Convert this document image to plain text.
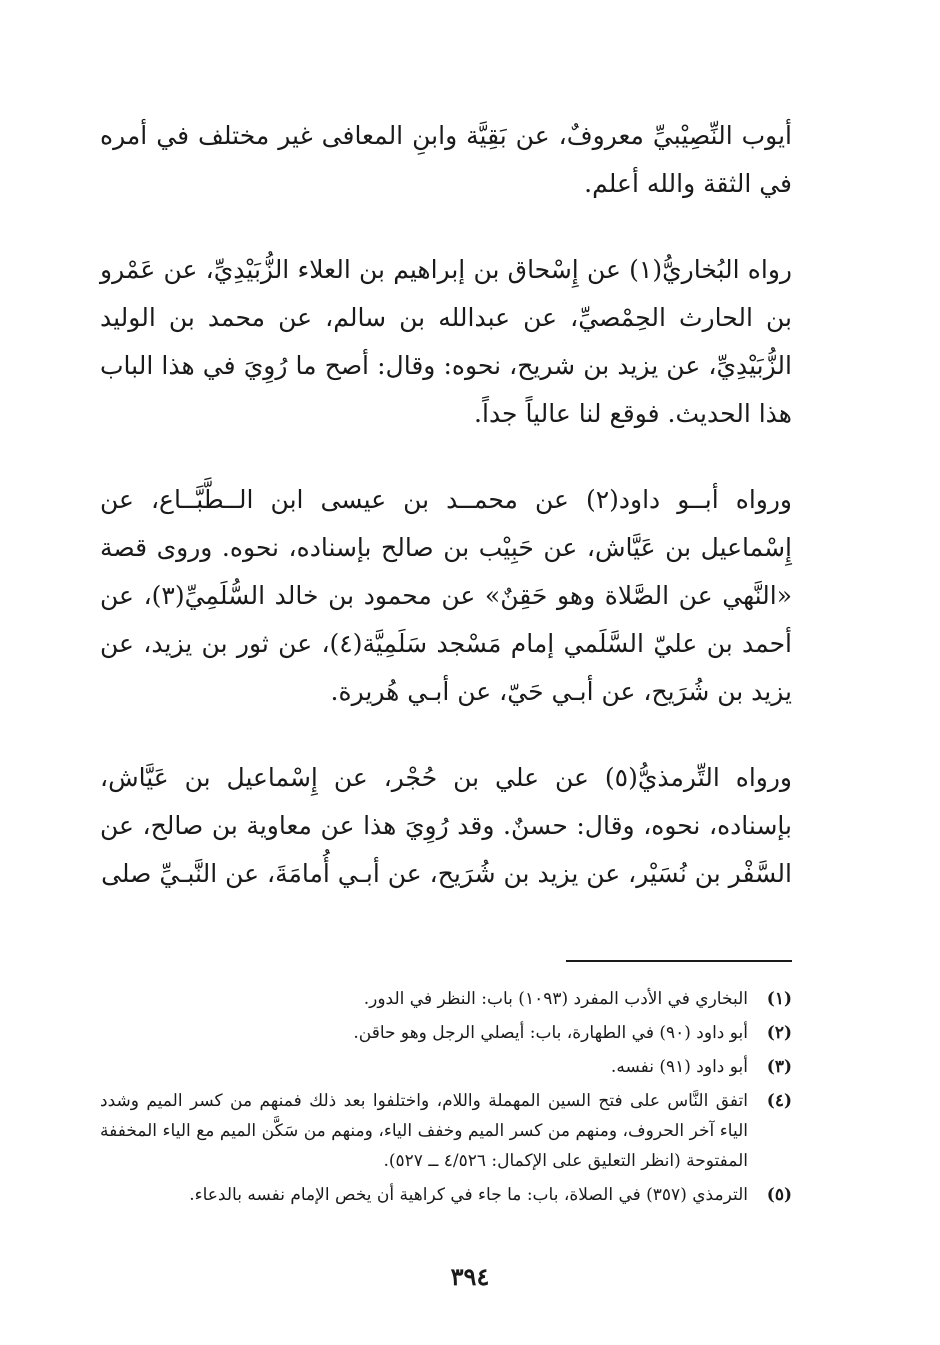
أيوب النِّصِيْبيِّ معروفٌ، عن بَقِيَّة وابنِ المعافى غير مختلف في أمره في الثقة والله أعلم.

رواه البُخاريُّ(١) عن إِسْحاق بن إبراهيم بن العلاء الزُّبَيْدِيِّ، عن عَمْرو بن الحارث الحِمْصيِّ، عن عبدالله بن سالم، عن محمد بن الوليد الزُّبَيْدِيِّ، عن يزيد بن شريح، نحوه: وقال: أصح ما رُوِيَ في هذا الباب هذا الحديث. فوقع لنا عالياً جداً.

ورواه أبــو داود(٢) عن محمــد بن عيسى ابن الــطَّبَّــاع، عن إِسْماعيل بن عَيَّاش، عن حَبِيْب بن صالح بإسناده، نحوه. وروى قصة «النَّهي عن الصَّلاة وهو حَقِنٌ» عن محمود بن خالد السُّلَمِيِّ(٣)، عن أحمد بن عليّ السَّلَمي إمام مَسْجد سَلَمِيَّة(٤)، عن ثور بن يزيد، عن يزيد بن شُرَيح، عن أبـي حَيّ، عن أبـي هُريرة.

ورواه التِّرمذيُّ(٥) عن علي بن حُجْر، عن إِسْماعيل بن عَيَّاش، بإسناده، نحوه، وقال: حسنٌ. وقد رُوِيَ هذا عن معاوية بن صالح، عن السَّفْر بن نُسَيْر، عن يزيد بن شُرَيح، عن أبـي أُمامَةَ، عن النَّبـيِّ صلى

(١)
البخاري في الأدب المفرد (١٠٩٣) باب: النظر في الدور.
(٢)
أبو داود (٩٠) في الطهارة، باب: أيصلي الرجل وهو حاقن.
(٣)
أبو داود (٩١) نفسه.
(٤)
اتفق النَّاس على فتح السين المهملة واللام، واختلفوا بعد ذلك فمنهم من كسر الميم وشدد الياء آخر الحروف، ومنهم من كسر الميم وخفف الياء، ومنهم من سَكَّن الميم مع الياء المخففة المفتوحة (انظر التعليق على الإكمال: ٤/٥٢٦ ــ ٥٢٧).
(٥)
الترمذي (٣٥٧) في الصلاة، باب: ما جاء في كراهية أن يخص الإمام نفسه بالدعاء.
٣٩٤
